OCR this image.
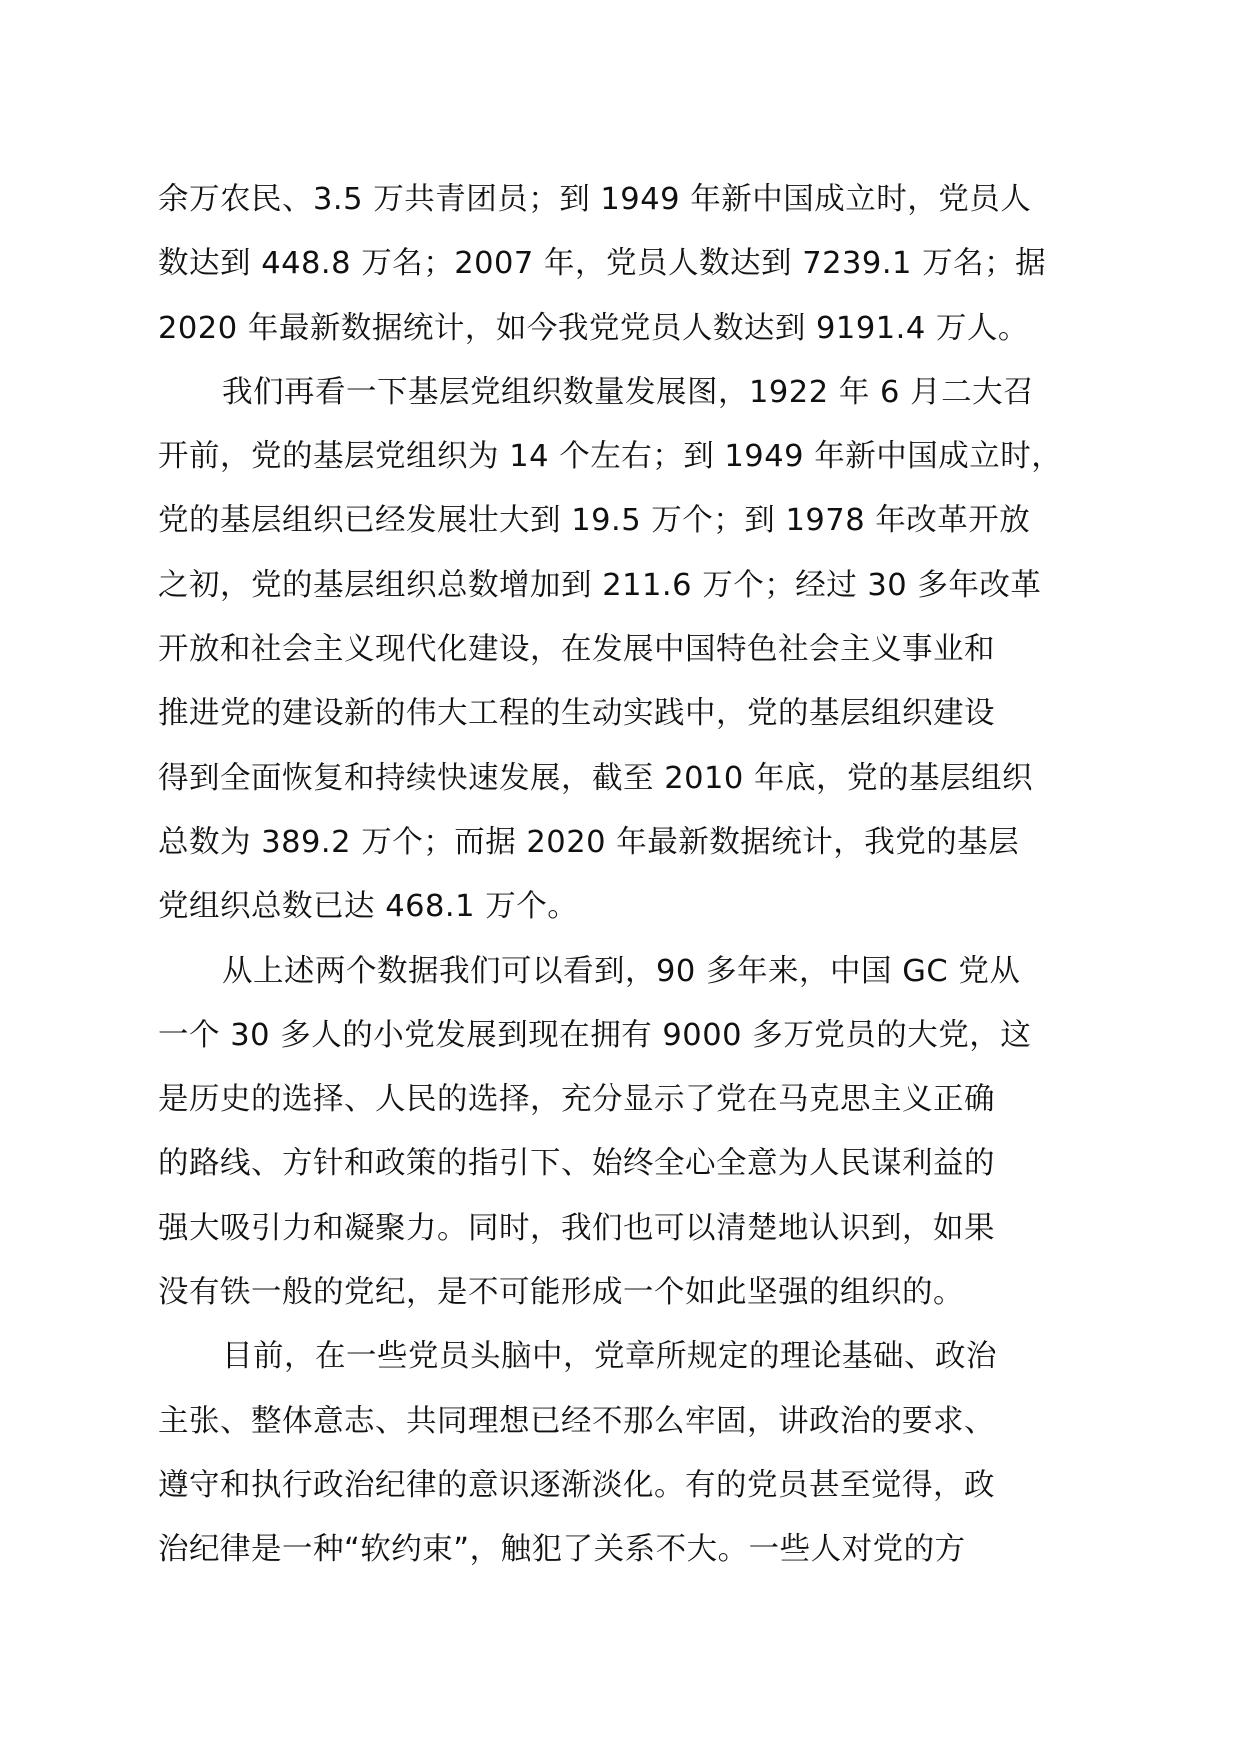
余万农民、3.5 万共青团员；到 1949 年新中国成立时，党员人
数达到 448.8 万名；2007 年，党员人数达到 7239.1 万名；据
2020 年最新数据统计，如今我党党员人数达到 9191.4 万人。
我们再看一下基层党组织数量发展图，1922 年 6 月二大召
开前，党的基层党组织为 14 个左右；到 1949 年新中国成立时，
党的基层组织已经发展壮大到 19.5 万个；到 1978 年改革开放
之初，党的基层组织总数增加到 211.6 万个；经过 30 多年改革
开放和社会主义现代化建设，在发展中国特色社会主义事业和
推进党的建设新的伟大工程的生动实践中，党的基层组织建设
得到全面恢复和持续快速发展，截至 2010 年底，党的基层组织
总数为 389.2 万个；而据 2020 年最新数据统计，我党的基层
党组织总数已达 468.1 万个。
从上述两个数据我们可以看到，90 多年来，中国 GC 党从
一个 30 多人的小党发展到现在拥有 9000 多万党员的大党，这
是历史的选择、人民的选择，充分显示了党在马克思主义正确
的路线、方针和政策的指引下、始终全心全意为人民谋利益的
强大吸引力和凝聚力。同时，我们也可以清楚地认识到，如果
没有铁一般的党纪，是不可能形成一个如此坚强的组织的。
目前，在一些党员头脑中，党章所规定的理论基础、政治
主张、整体意志、共同理想已经不那么牢固，讲政治的要求、
遵守和执行政治纪律的意识逐渐淡化。有的党员甚至觉得，政
治纪律是一种“软约束”，触犯了关系不大。一些人对党的方
